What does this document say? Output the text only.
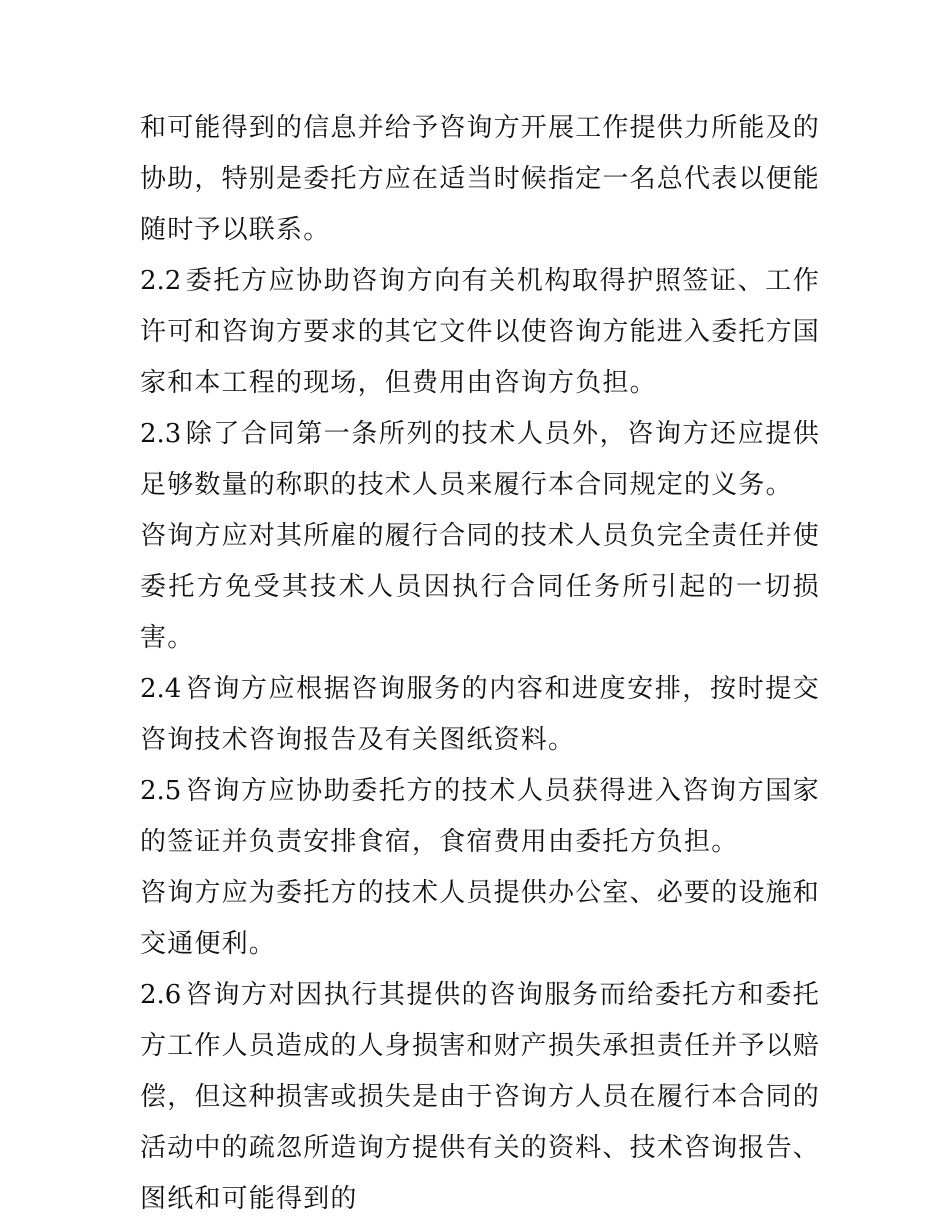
和可能得到的信息并给予咨询方开展工作提供力所能及的协助，特别是委托方应在适当时候指定一名总代表以便能随时予以联系。

2.2 委托方应协助咨询方向有关机构取得护照签证、工作许可和咨询方要求的其它文件以使咨询方能进入委托方国家和本工程的现场，但费用由咨询方负担。

2.3 除了合同第一条所列的技术人员外，咨询方还应提供足够数量的称职的技术人员来履行本合同规定的义务。

咨询方应对其所雇的履行合同的技术人员负完全责任并使委托方免受其技术人员因执行合同任务所引起的一切损害。

2.4 咨询方应根据咨询服务的内容和进度安排，按时提交咨询技术咨询报告及有关图纸资料。

2.5 咨询方应协助委托方的技术人员获得进入咨询方国家的签证并负责安排食宿，食宿费用由委托方负担。

咨询方应为委托方的技术人员提供办公室、必要的设施和交通便利。

2.6 咨询方对因执行其提供的咨询服务而给委托方和委托方工作人员造成的人身损害和财产损失承担责任并予以赔偿，但这种损害或损失是由于咨询方人员在履行本合同的活动中的疏忽所造询方提供有关的资料、技术咨询报告、图纸和可能得到的
